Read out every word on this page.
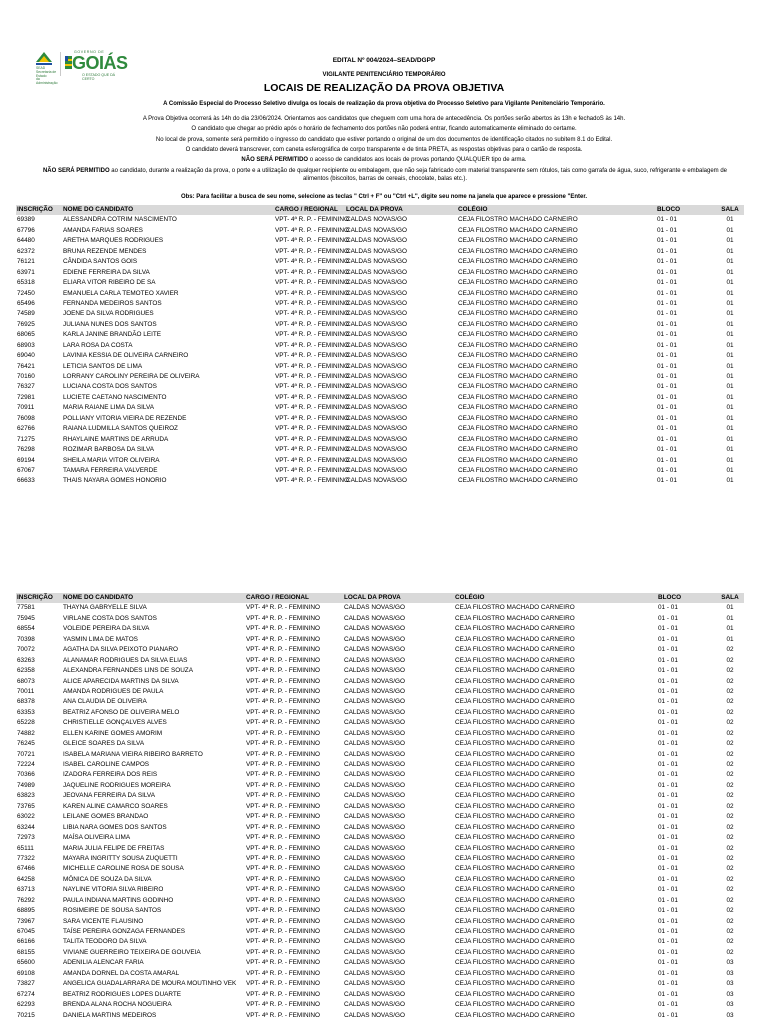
SEAD
Secretaria de Estado
da Administração
GOVERNO DE
GOIÁS
O ESTADO QUE DÁ CERTO
EDITAL Nº 004/2024–SEAD/DGPP
VIGILANTE PENITENCIÁRIO TEMPORÁRIO
LOCAIS DE REALIZAÇÃO DA PROVA OBJETIVA
A Comissão Especial do Processo Seletivo divulga os locais de realização da prova objetiva do Processo Seletivo para Vigilante Penitenciário Temporário.
A Prova Objetiva ocorrerá às 14h do dia 23/06/2024. Orientamos aos candidatos que cheguem com uma hora de antecedência. Os portões serão abertos às 13h e fechadoS às 14h.
O candidato que chegar ao prédio após o horário de fechamento dos portões não poderá entrar, ficando automaticamente eliminado do certame.
No local de prova, somente será permitido o ingresso do candidato que estiver portando o original de um dos documentos de identificação citados no subitem 8.1 do Edital.
O candidato deverá transcrever, com caneta esferográfica de corpo transparente e de tinta PRETA, as respostas objetivas para o cartão de resposta.
NÃO SERÁ PERMITIDO o acesso de candidatos aos locais de provas portando QUALQUER tipo de arma.
NÃO SERÁ PERMITIDO ao candidato, durante a realização da prova, o porte e a utilização de qualquer recipiente ou embalagem, que não seja fabricado com material transparente sem rótulos, tais como garrafa de água, suco, refrigerante e embalagem de alimentos (biscoitos, barras de cereais, chocolate, balas etc.).
Obs: Para facilitar a busca de seu nome, selecione as teclas " Ctrl + F" ou "Ctrl +L", digite seu nome na janela que aparece e pressione "Enter.
INSCRIÇÃO	NOME DO CANDIDATO	CARGO / REGIONAL	LOCAL DA PROVA	COLÉGIO	BLOCO	SALA
69389	ALESSANDRA COTRIM NASCIMENTO	VPT- 4ª R. P. - FEMININO	CALDAS NOVAS/GO	CEJA FILOSTRO MACHADO CARNEIRO	01 - 01	01
67796	AMANDA FARIAS SOARES	VPT- 4ª R. P. - FEMININO	CALDAS NOVAS/GO	CEJA FILOSTRO MACHADO CARNEIRO	01 - 01	01
64480	ARETHA MARQUES RODRIGUES	VPT- 4ª R. P. - FEMININO	CALDAS NOVAS/GO	CEJA FILOSTRO MACHADO CARNEIRO	01 - 01	01
62372	BRUNA REZENDE MENDES	VPT- 4ª R. P. - FEMININO	CALDAS NOVAS/GO	CEJA FILOSTRO MACHADO CARNEIRO	01 - 01	01
76121	CÂNDIDA SANTOS GOIS	VPT- 4ª R. P. - FEMININO	CALDAS NOVAS/GO	CEJA FILOSTRO MACHADO CARNEIRO	01 - 01	01
63971	EDIENE FERREIRA DA SILVA	VPT- 4ª R. P. - FEMININO	CALDAS NOVAS/GO	CEJA FILOSTRO MACHADO CARNEIRO	01 - 01	01
65318	ELIARA VITOR RIBEIRO DE SA	VPT- 4ª R. P. - FEMININO	CALDAS NOVAS/GO	CEJA FILOSTRO MACHADO CARNEIRO	01 - 01	01
72450	EMANUELA CARLA TEMOTEO XAVIER	VPT- 4ª R. P. - FEMININO	CALDAS NOVAS/GO	CEJA FILOSTRO MACHADO CARNEIRO	01 - 01	01
65496	FERNANDA MEDEIROS SANTOS	VPT- 4ª R. P. - FEMININO	CALDAS NOVAS/GO	CEJA FILOSTRO MACHADO CARNEIRO	01 - 01	01
74589	JOENE DA SILVA RODRIGUES	VPT- 4ª R. P. - FEMININO	CALDAS NOVAS/GO	CEJA FILOSTRO MACHADO CARNEIRO	01 - 01	01
76925	JULIANA NUNES DOS SANTOS	VPT- 4ª R. P. - FEMININO	CALDAS NOVAS/GO	CEJA FILOSTRO MACHADO CARNEIRO	01 - 01	01
68065	KARLA JANINE BRANDÃO LEITE	VPT- 4ª R. P. - FEMININO	CALDAS NOVAS/GO	CEJA FILOSTRO MACHADO CARNEIRO	01 - 01	01
68903	LARA ROSA DA COSTA	VPT- 4ª R. P. - FEMININO	CALDAS NOVAS/GO	CEJA FILOSTRO MACHADO CARNEIRO	01 - 01	01
69040	LAVINIA KESSIA DE OLIVEIRA CARNEIRO	VPT- 4ª R. P. - FEMININO	CALDAS NOVAS/GO	CEJA FILOSTRO MACHADO CARNEIRO	01 - 01	01
76421	LETICIA SANTOS DE LIMA	VPT- 4ª R. P. - FEMININO	CALDAS NOVAS/GO	CEJA FILOSTRO MACHADO CARNEIRO	01 - 01	01
70160	LORRANY CAROLINY PEREIRA DE OLIVEIRA	VPT- 4ª R. P. - FEMININO	CALDAS NOVAS/GO	CEJA FILOSTRO MACHADO CARNEIRO	01 - 01	01
76327	LUCIANA COSTA DOS SANTOS	VPT- 4ª R. P. - FEMININO	CALDAS NOVAS/GO	CEJA FILOSTRO MACHADO CARNEIRO	01 - 01	01
72981	LUCIETE CAETANO NASCIMENTO	VPT- 4ª R. P. - FEMININO	CALDAS NOVAS/GO	CEJA FILOSTRO MACHADO CARNEIRO	01 - 01	01
70911	MARIA RAIANE LIMA DA SILVA	VPT- 4ª R. P. - FEMININO	CALDAS NOVAS/GO	CEJA FILOSTRO MACHADO CARNEIRO	01 - 01	01
76098	POLLIANY VITORIA VIEIRA DE REZENDE	VPT- 4ª R. P. - FEMININO	CALDAS NOVAS/GO	CEJA FILOSTRO MACHADO CARNEIRO	01 - 01	01
62766	RAIANA LUDMILLA SANTOS QUEIROZ	VPT- 4ª R. P. - FEMININO	CALDAS NOVAS/GO	CEJA FILOSTRO MACHADO CARNEIRO	01 - 01	01
71275	RHAYLAINE MARTINS DE ARRUDA	VPT- 4ª R. P. - FEMININO	CALDAS NOVAS/GO	CEJA FILOSTRO MACHADO CARNEIRO	01 - 01	01
76298	ROZIMAR BARBOSA DA SILVA	VPT- 4ª R. P. - FEMININO	CALDAS NOVAS/GO	CEJA FILOSTRO MACHADO CARNEIRO	01 - 01	01
69194	SHEILA MARIA VITOR OLIVEIRA	VPT- 4ª R. P. - FEMININO	CALDAS NOVAS/GO	CEJA FILOSTRO MACHADO CARNEIRO	01 - 01	01
67067	TAMARA FERREIRA VALVERDE	VPT- 4ª R. P. - FEMININO	CALDAS NOVAS/GO	CEJA FILOSTRO MACHADO CARNEIRO	01 - 01	01
66633	THAIS NAYARA GOMES HONORIO	VPT- 4ª R. P. - FEMININO	CALDAS NOVAS/GO	CEJA FILOSTRO MACHADO CARNEIRO	01 - 01	01
INSCRIÇÃO	NOME DO CANDIDATO	CARGO / REGIONAL	LOCAL DA PROVA	COLÉGIO	BLOCO	SALA
77581	THAYNA GABRYELLE SILVA	VPT- 4ª R. P. - FEMININO	CALDAS NOVAS/GO	CEJA FILOSTRO MACHADO CARNEIRO	01 - 01	01
75945	VIRLANE COSTA DOS SANTOS	VPT- 4ª R. P. - FEMININO	CALDAS NOVAS/GO	CEJA FILOSTRO MACHADO CARNEIRO	01 - 01	01
68554	VOLEIDE PEREIRA DA SILVA	VPT- 4ª R. P. - FEMININO	CALDAS NOVAS/GO	CEJA FILOSTRO MACHADO CARNEIRO	01 - 01	01
70398	YASMIN LIMA DE MATOS	VPT- 4ª R. P. - FEMININO	CALDAS NOVAS/GO	CEJA FILOSTRO MACHADO CARNEIRO	01 - 01	01
70072	AGATHA DA SILVA PEIXOTO PIANARO	VPT- 4ª R. P. - FEMININO	CALDAS NOVAS/GO	CEJA FILOSTRO MACHADO CARNEIRO	01 - 01	02
63263	ALANAMAR RODRIGUES DA SILVA ELIAS	VPT- 4ª R. P. - FEMININO	CALDAS NOVAS/GO	CEJA FILOSTRO MACHADO CARNEIRO	01 - 01	02
62358	ALEXANDRA FERNANDES LINS DE SOUZA	VPT- 4ª R. P. - FEMININO	CALDAS NOVAS/GO	CEJA FILOSTRO MACHADO CARNEIRO	01 - 01	02
68073	ALICE APARECIDA MARTINS DA SILVA	VPT- 4ª R. P. - FEMININO	CALDAS NOVAS/GO	CEJA FILOSTRO MACHADO CARNEIRO	01 - 01	02
70011	AMANDA RODRIGUES DE PAULA	VPT- 4ª R. P. - FEMININO	CALDAS NOVAS/GO	CEJA FILOSTRO MACHADO CARNEIRO	01 - 01	02
68378	ANA CLAUDIA DE OLIVEIRA	VPT- 4ª R. P. - FEMININO	CALDAS NOVAS/GO	CEJA FILOSTRO MACHADO CARNEIRO	01 - 01	02
63353	BEATRIZ AFONSO DE OLIVEIRA MELO	VPT- 4ª R. P. - FEMININO	CALDAS NOVAS/GO	CEJA FILOSTRO MACHADO CARNEIRO	01 - 01	02
65228	CHRISTIELLE GONÇALVES ALVES	VPT- 4ª R. P. - FEMININO	CALDAS NOVAS/GO	CEJA FILOSTRO MACHADO CARNEIRO	01 - 01	02
74882	ELLEN KARINE GOMES AMORIM	VPT- 4ª R. P. - FEMININO	CALDAS NOVAS/GO	CEJA FILOSTRO MACHADO CARNEIRO	01 - 01	02
76245	GLEICE SOARES DA SILVA	VPT- 4ª R. P. - FEMININO	CALDAS NOVAS/GO	CEJA FILOSTRO MACHADO CARNEIRO	01 - 01	02
70721	ISABELA MARIANA VIEIRA RIBEIRO BARRETO	VPT- 4ª R. P. - FEMININO	CALDAS NOVAS/GO	CEJA FILOSTRO MACHADO CARNEIRO	01 - 01	02
72224	ISABEL CAROLINE CAMPOS	VPT- 4ª R. P. - FEMININO	CALDAS NOVAS/GO	CEJA FILOSTRO MACHADO CARNEIRO	01 - 01	02
70366	IZADORA FERREIRA DOS REIS	VPT- 4ª R. P. - FEMININO	CALDAS NOVAS/GO	CEJA FILOSTRO MACHADO CARNEIRO	01 - 01	02
74989	JAQUELINE RODRIGUES MOREIRA	VPT- 4ª R. P. - FEMININO	CALDAS NOVAS/GO	CEJA FILOSTRO MACHADO CARNEIRO	01 - 01	02
63823	JEOVANA FERREIRA DA SILVA	VPT- 4ª R. P. - FEMININO	CALDAS NOVAS/GO	CEJA FILOSTRO MACHADO CARNEIRO	01 - 01	02
73765	KAREN ALINE CAMARCO SOARES	VPT- 4ª R. P. - FEMININO	CALDAS NOVAS/GO	CEJA FILOSTRO MACHADO CARNEIRO	01 - 01	02
63022	LEILANE GOMES BRANDAO	VPT- 4ª R. P. - FEMININO	CALDAS NOVAS/GO	CEJA FILOSTRO MACHADO CARNEIRO	01 - 01	02
63244	LIBIA NARA GOMES DOS SANTOS	VPT- 4ª R. P. - FEMININO	CALDAS NOVAS/GO	CEJA FILOSTRO MACHADO CARNEIRO	01 - 01	02
72973	MAÍSA OLIVEIRA LIMA	VPT- 4ª R. P. - FEMININO	CALDAS NOVAS/GO	CEJA FILOSTRO MACHADO CARNEIRO	01 - 01	02
65111	MARIA JULIA FELIPE DE FREITAS	VPT- 4ª R. P. - FEMININO	CALDAS NOVAS/GO	CEJA FILOSTRO MACHADO CARNEIRO	01 - 01	02
77322	MAYARA INGRITTY SOUSA ZUQUETTI	VPT- 4ª R. P. - FEMININO	CALDAS NOVAS/GO	CEJA FILOSTRO MACHADO CARNEIRO	01 - 01	02
67466	MICHELLE CAROLINE ROSA DE SOUSA	VPT- 4ª R. P. - FEMININO	CALDAS NOVAS/GO	CEJA FILOSTRO MACHADO CARNEIRO	01 - 01	02
64258	MÔNICA DE SOUZA DA SILVA	VPT- 4ª R. P. - FEMININO	CALDAS NOVAS/GO	CEJA FILOSTRO MACHADO CARNEIRO	01 - 01	02
63713	NAYLINE VITORIA SILVA RIBEIRO	VPT- 4ª R. P. - FEMININO	CALDAS NOVAS/GO	CEJA FILOSTRO MACHADO CARNEIRO	01 - 01	02
76292	PAULA INDIANA MARTINS GODINHO	VPT- 4ª R. P. - FEMININO	CALDAS NOVAS/GO	CEJA FILOSTRO MACHADO CARNEIRO	01 - 01	02
68895	ROSIMEIRE DE SOUSA SANTOS	VPT- 4ª R. P. - FEMININO	CALDAS NOVAS/GO	CEJA FILOSTRO MACHADO CARNEIRO	01 - 01	02
73967	SARA VICENTE FLAUSINO	VPT- 4ª R. P. - FEMININO	CALDAS NOVAS/GO	CEJA FILOSTRO MACHADO CARNEIRO	01 - 01	02
67045	TAÍSE PEREIRA GONZAGA FERNANDES	VPT- 4ª R. P. - FEMININO	CALDAS NOVAS/GO	CEJA FILOSTRO MACHADO CARNEIRO	01 - 01	02
66166	TALITA TEODORO DA SILVA	VPT- 4ª R. P. - FEMININO	CALDAS NOVAS/GO	CEJA FILOSTRO MACHADO CARNEIRO	01 - 01	02
68155	VIVIANE GUERREIRO TEIXEIRA DE GOUVEIA	VPT- 4ª R. P. - FEMININO	CALDAS NOVAS/GO	CEJA FILOSTRO MACHADO CARNEIRO	01 - 01	02
65600	ADENILIA ALENCAR FARIA	VPT- 4ª R. P. - FEMININO	CALDAS NOVAS/GO	CEJA FILOSTRO MACHADO CARNEIRO	01 - 01	03
69108	AMANDA DORNEL DA COSTA AMARAL	VPT- 4ª R. P. - FEMININO	CALDAS NOVAS/GO	CEJA FILOSTRO MACHADO CARNEIRO	01 - 01	03
73827	ANGELICA GUADALARRARA DE MOURA MOUTINHO VEK	VPT- 4ª R. P. - FEMININO	CALDAS NOVAS/GO	CEJA FILOSTRO MACHADO CARNEIRO	01 - 01	03
67274	BEATRIZ RODRIGUES LOPES DUARTE	VPT- 4ª R. P. - FEMININO	CALDAS NOVAS/GO	CEJA FILOSTRO MACHADO CARNEIRO	01 - 01	03
62293	BRENDA ALANA ROCHA NOGUEIRA	VPT- 4ª R. P. - FEMININO	CALDAS NOVAS/GO	CEJA FILOSTRO MACHADO CARNEIRO	01 - 01	03
70215	DANIELA MARTINS MEDEIROS	VPT- 4ª R. P. - FEMININO	CALDAS NOVAS/GO	CEJA FILOSTRO MACHADO CARNEIRO	01 - 01	03
